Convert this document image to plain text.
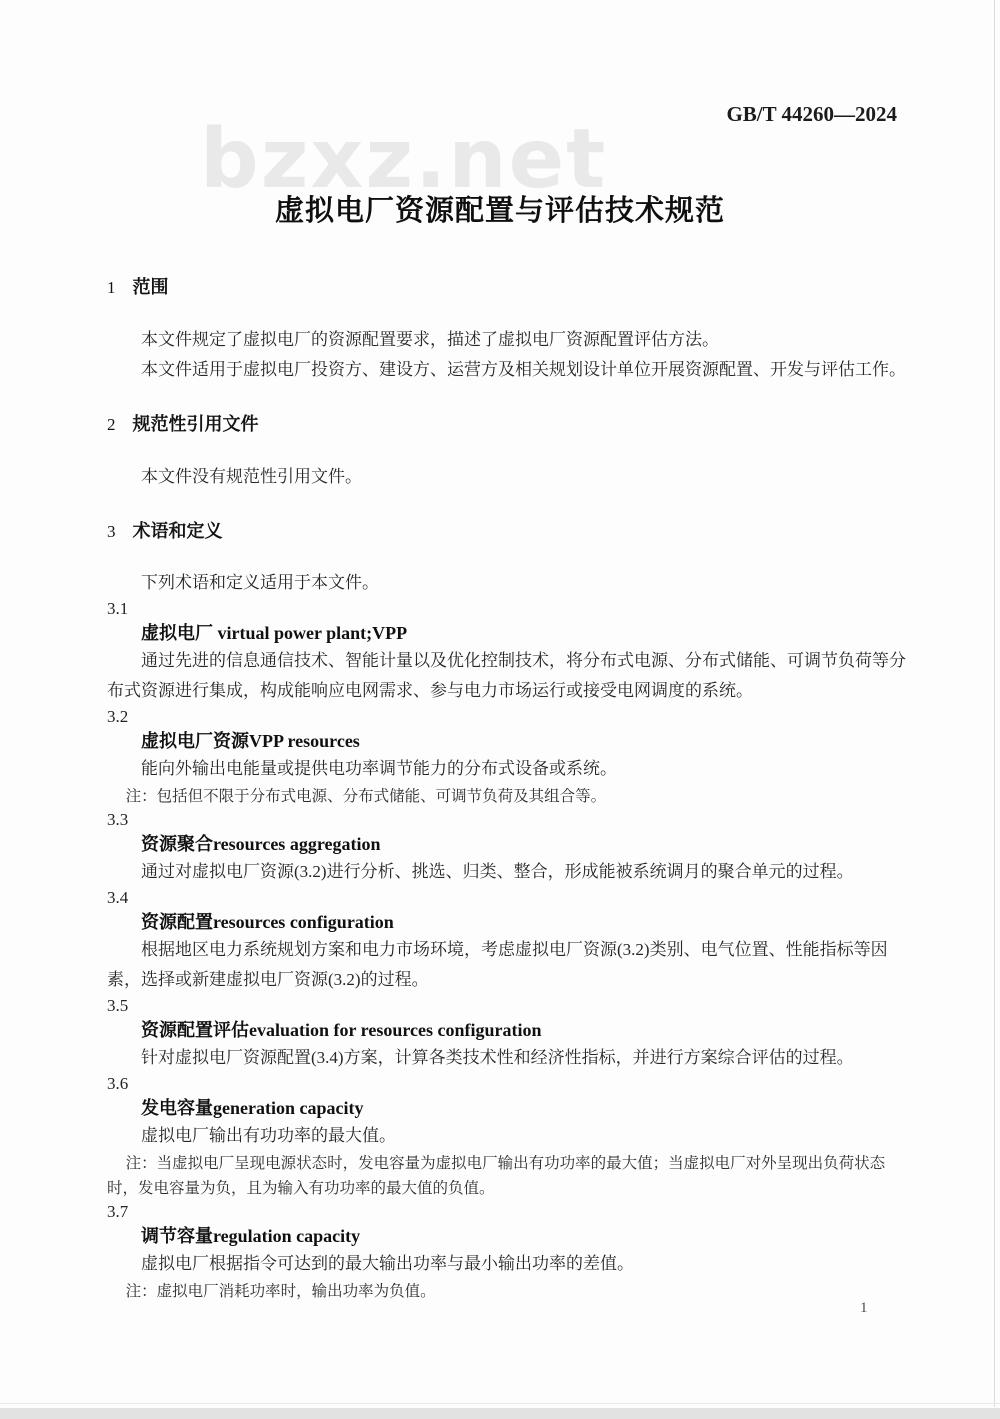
bzxz.net	GB/T 44260—2024
虚拟电厂资源配置与评估技术规范
1 范围

本文件规定了虚拟电厂的资源配置要求，描述了虚拟电厂资源配置评估方法。

本文件适用于虚拟电厂投资方、建设方、运营方及相关规划设计单位开展资源配置、开发与评估工作。

2 规范性引用文件

本文件没有规范性引用文件。

3 术语和定义

下列术语和定义适用于本文件。

3.1
虚拟电厂 virtual power plant;VPP

通过先进的信息通信技术、智能计量以及优化控制技术，将分布式电源、分布式储能、可调节负荷等分布式资源进行集成，构成能响应电网需求、参与电力市场运行或接受电网调度的系统。

3.2
虚拟电厂资源VPP resources

能向外输出电能量或提供电功率调节能力的分布式设备或系统。

注：包括但不限于分布式电源、分布式储能、可调节负荷及其组合等。

3.3
资源聚合resources aggregation

通过对虚拟电厂资源(3.2)进行分析、挑选、归类、整合，形成能被系统调月的聚合单元的过程。

3.4
资源配置resources configuration

根据地区电力系统规划方案和电力市场环境，考虑虚拟电厂资源(3.2)类别、电气位置、性能指标等因素，选择或新建虚拟电厂资源(3.2)的过程。

3.5
资源配置评估evaluation for resources configuration

针对虚拟电厂资源配置(3.4)方案，计算各类技术性和经济性指标，并进行方案综合评估的过程。

3.6
发电容量generation capacity

虚拟电厂输出有功功率的最大值。

注：当虚拟电厂呈现电源状态时，发电容量为虚拟电厂输出有功功率的最大值；当虚拟电厂对外呈现出负荷状态时，发电容量为负，且为输入有功功率的最大值的负值。

3.7
调节容量regulation capacity

虚拟电厂根据指令可达到的最大输出功率与最小输出功率的差值。

注：虚拟电厂消耗功率时，输出功率为负值。

1
